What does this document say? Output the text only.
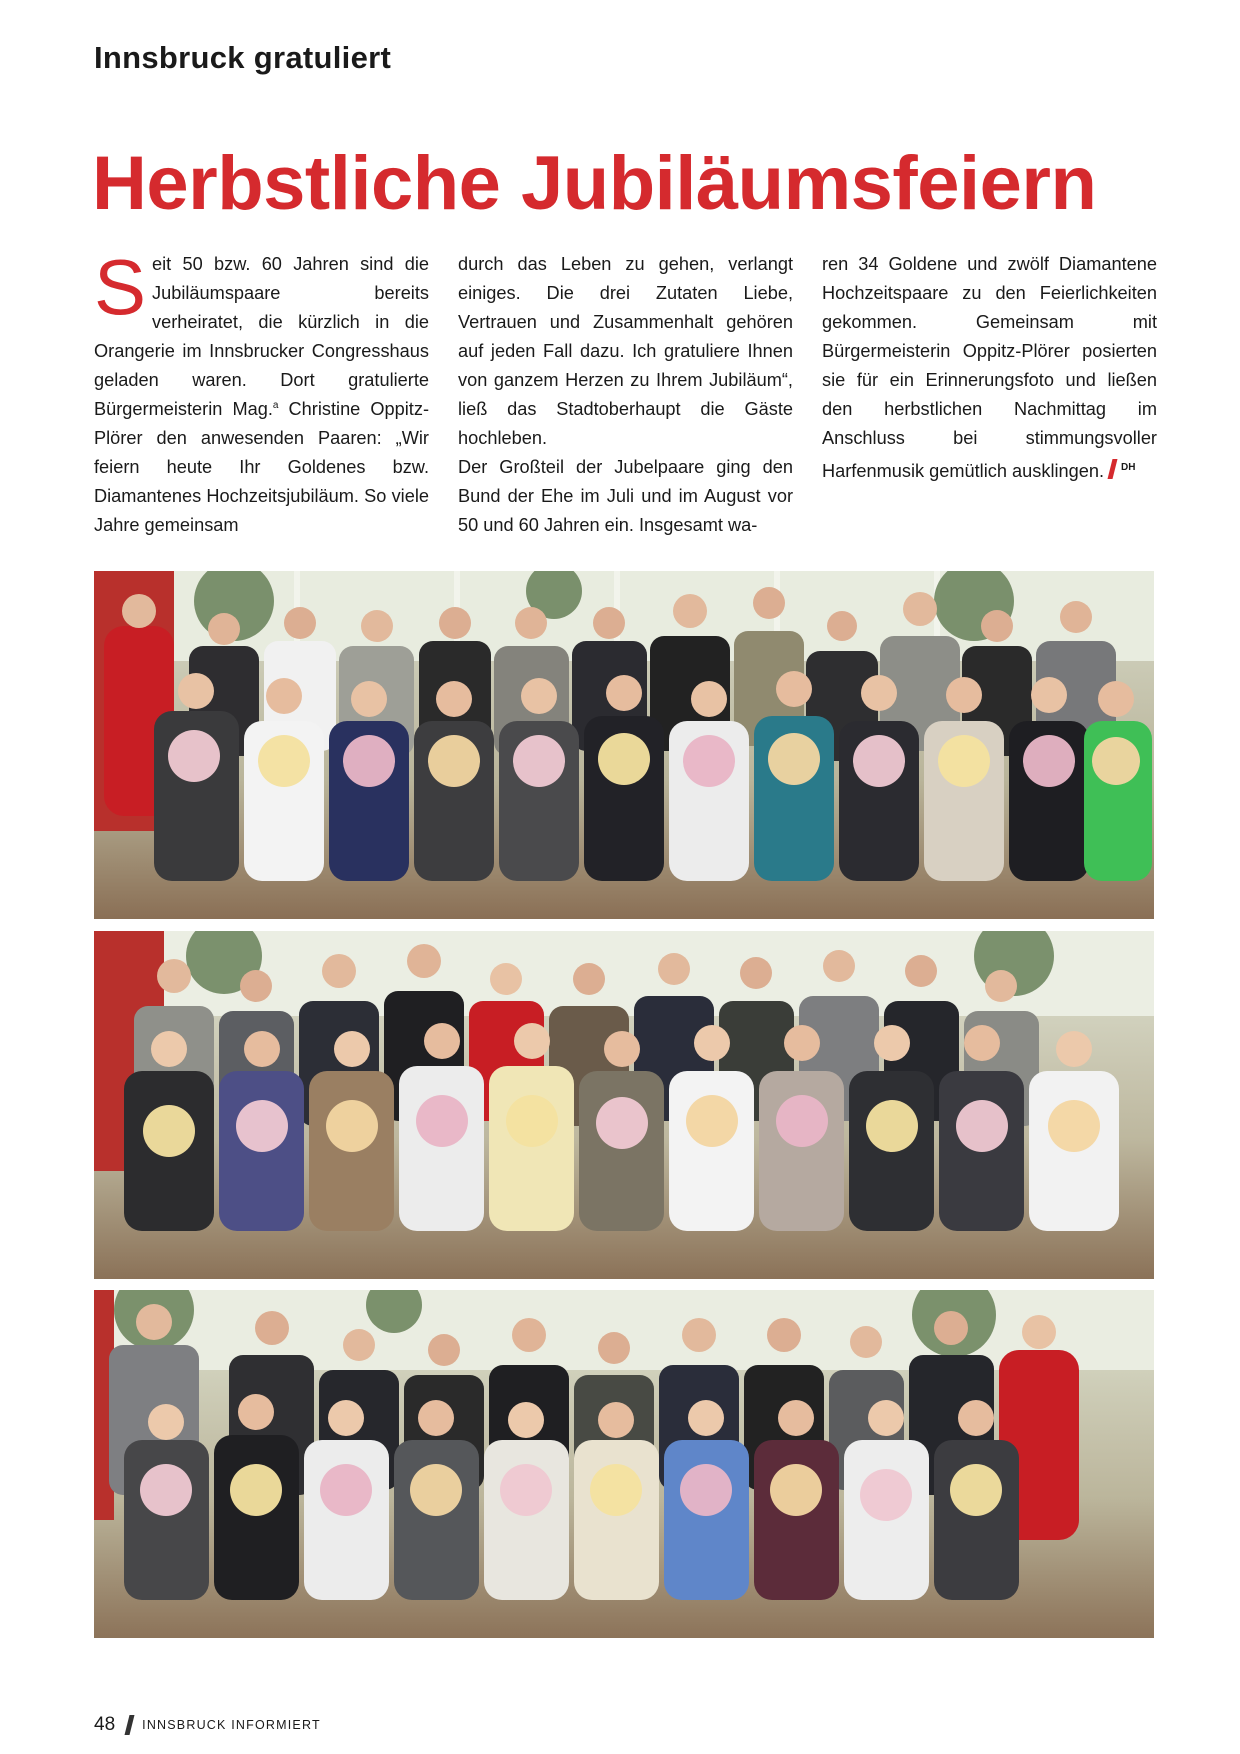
Innsbruck gratuliert
Herbstliche Jubiläumsfeiern

Seit 50 bzw. 60 Jahren sind die Jubiläumspaare bereits verheiratet, die kürzlich in die Orangerie im Innsbrucker Congresshaus geladen waren. Dort gratulierte Bürgermeisterin Mag.$^a$ Christine Oppitz-Plörer den anwesenden Paaren: „Wir feiern heute Ihr Goldenes bzw. Diamantenes Hochzeitsjubiläum. So viele Jahre gemeinsam

durch das Leben zu gehen, verlangt einiges. Die drei Zutaten Liebe, Vertrauen und Zusammenhalt gehören auf jeden Fall dazu. Ich gratuliere Ihnen von ganzem Herzen zu Ihrem Jubiläum“, ließ das Stadtoberhaupt die Gäste hochleben.

Der Großteil der Jubelpaare ging den Bund der Ehe im Juli und im August vor 50 und 60 Jahren ein. Insgesamt wa-

ren 34 Goldene und zwölf Diamantene Hochzeitspaare zu den Feierlichkeiten gekommen. Gemeinsam mit Bürgermeisterin Oppitz-Plörer posierten sie für ein Erinnerungsfoto und ließen den herbstlichen Nachmittag im Anschluss bei stimmungsvoller Harfenmusik gemütlich ausklingen. $^{DH}$

48 INNSBRUCK INFORMIERT
